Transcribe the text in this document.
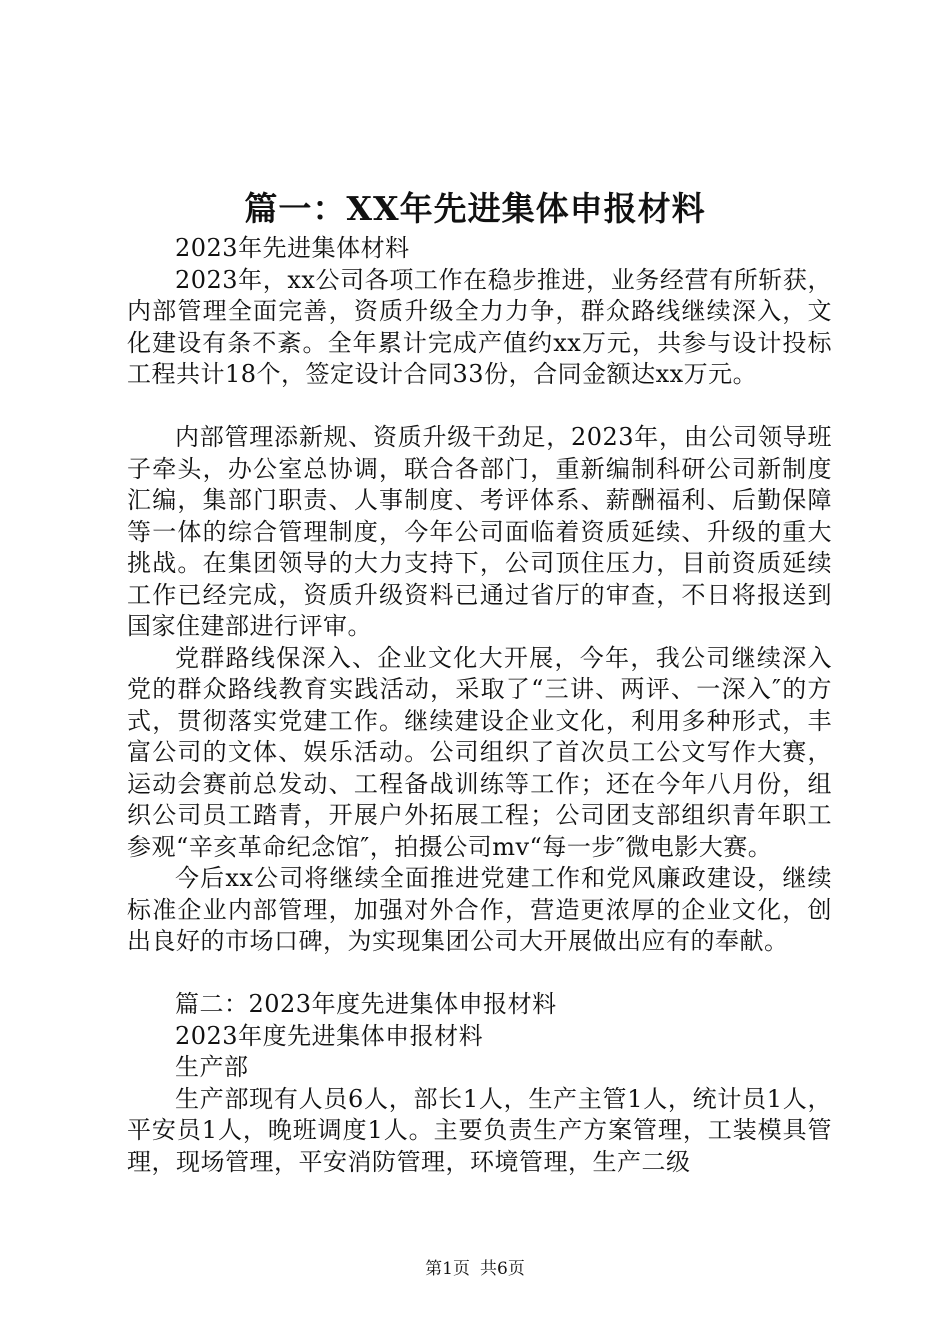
篇一：XX年先进集体申报材料

2023年先进集体材料

2023年，xx公司各项工作在稳步推进，业务经营有所斩获，内部管理全面完善，资质升级全力力争，群众路线继续深入，文化建设有条不紊。全年累计完成产值约xx万元，共参与设计投标工程共计18个，签定设计合同33份，合同金额达xx万元。

内部管理添新规、资质升级干劲足，2023年，由公司领导班子牵头，办公室总协调，联合各部门，重新编制科研公司新制度汇编，集部门职责、人事制度、考评体系、薪酬福利、后勤保障等一体的综合管理制度，今年公司面临着资质延续、升级的重大挑战。在集团领导的大力支持下，公司顶住压力，目前资质延续工作已经完成，资质升级资料已通过省厅的审查，不日将报送到国家住建部进行评审。

党群路线保深入、企业文化大开展，今年，我公司继续深入党的群众路线教育实践活动，采取了“三讲、两评、一深入″的方式，贯彻落实党建工作。继续建设企业文化，利用多种形式，丰富公司的文体、娱乐活动。公司组织了首次员工公文写作大赛，运动会赛前总发动、工程备战训练等工作；还在今年八月份，组织公司员工踏青，开展户外拓展工程；公司团支部组织青年职工参观“辛亥革命纪念馆″，拍摄公司mv“每一步″微电影大赛。

今后xx公司将继续全面推进党建工作和党风廉政建设，继续标准企业内部管理，加强对外合作，营造更浓厚的企业文化，创出良好的市场口碑，为实现集团公司大开展做出应有的奉献。

篇二：2023年度先进集体申报材料

2023年度先进集体申报材料

生产部

生产部现有人员6人，部长1人，生产主管1人，统计员1人，平安员1人，晚班调度1人。主要负责生产方案管理，工装模具管理，现场管理，平安消防管理，环境管理，生产二级

第1页 共6页
